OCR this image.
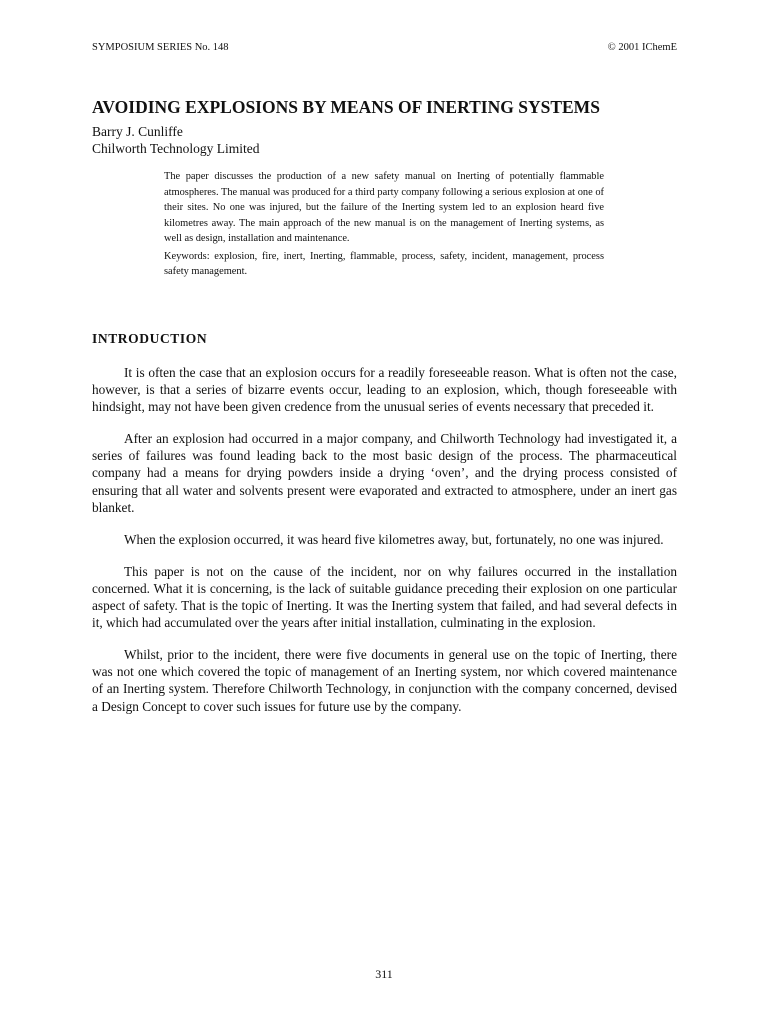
SYMPOSIUM SERIES No. 148	© 2001 IChemE
AVOIDING EXPLOSIONS BY MEANS OF INERTING SYSTEMS
Barry J. Cunliffe
Chilworth Technology Limited

The paper discusses the production of a new safety manual on Inerting of potentially flammable atmospheres. The manual was produced for a third party company following a serious explosion at one of their sites. No one was injured, but the failure of the Inerting system led to an explosion heard five kilometres away. The main approach of the new manual is on the management of Inerting systems, as well as design, installation and maintenance.

Keywords: explosion, fire, inert, Inerting, flammable, process, safety, incident, management, process safety management.

INTRODUCTION

It is often the case that an explosion occurs for a readily foreseeable reason. What is often not the case, however, is that a series of bizarre events occur, leading to an explosion, which, though foreseeable with hindsight, may not have been given credence from the unusual series of events necessary that preceded it.

After an explosion had occurred in a major company, and Chilworth Technology had investigated it, a series of failures was found leading back to the most basic design of the process. The pharmaceutical company had a means for drying powders inside a drying ‘oven’, and the drying process consisted of ensuring that all water and solvents present were evaporated and extracted to atmosphere, under an inert gas blanket.

When the explosion occurred, it was heard five kilometres away, but, fortunately, no one was injured.

This paper is not on the cause of the incident, nor on why failures occurred in the installation concerned. What it is concerning, is the lack of suitable guidance preceding their explosion on one particular aspect of safety. That is the topic of Inerting. It was the Inerting system that failed, and had several defects in it, which had accumulated over the years after initial installation, culminating in the explosion.

Whilst, prior to the incident, there were five documents in general use on the topic of Inerting, there was not one which covered the topic of management of an Inerting system, nor which covered maintenance of an Inerting system. Therefore Chilworth Technology, in conjunction with the company concerned, devised a Design Concept to cover such issues for future use by the company.

311
